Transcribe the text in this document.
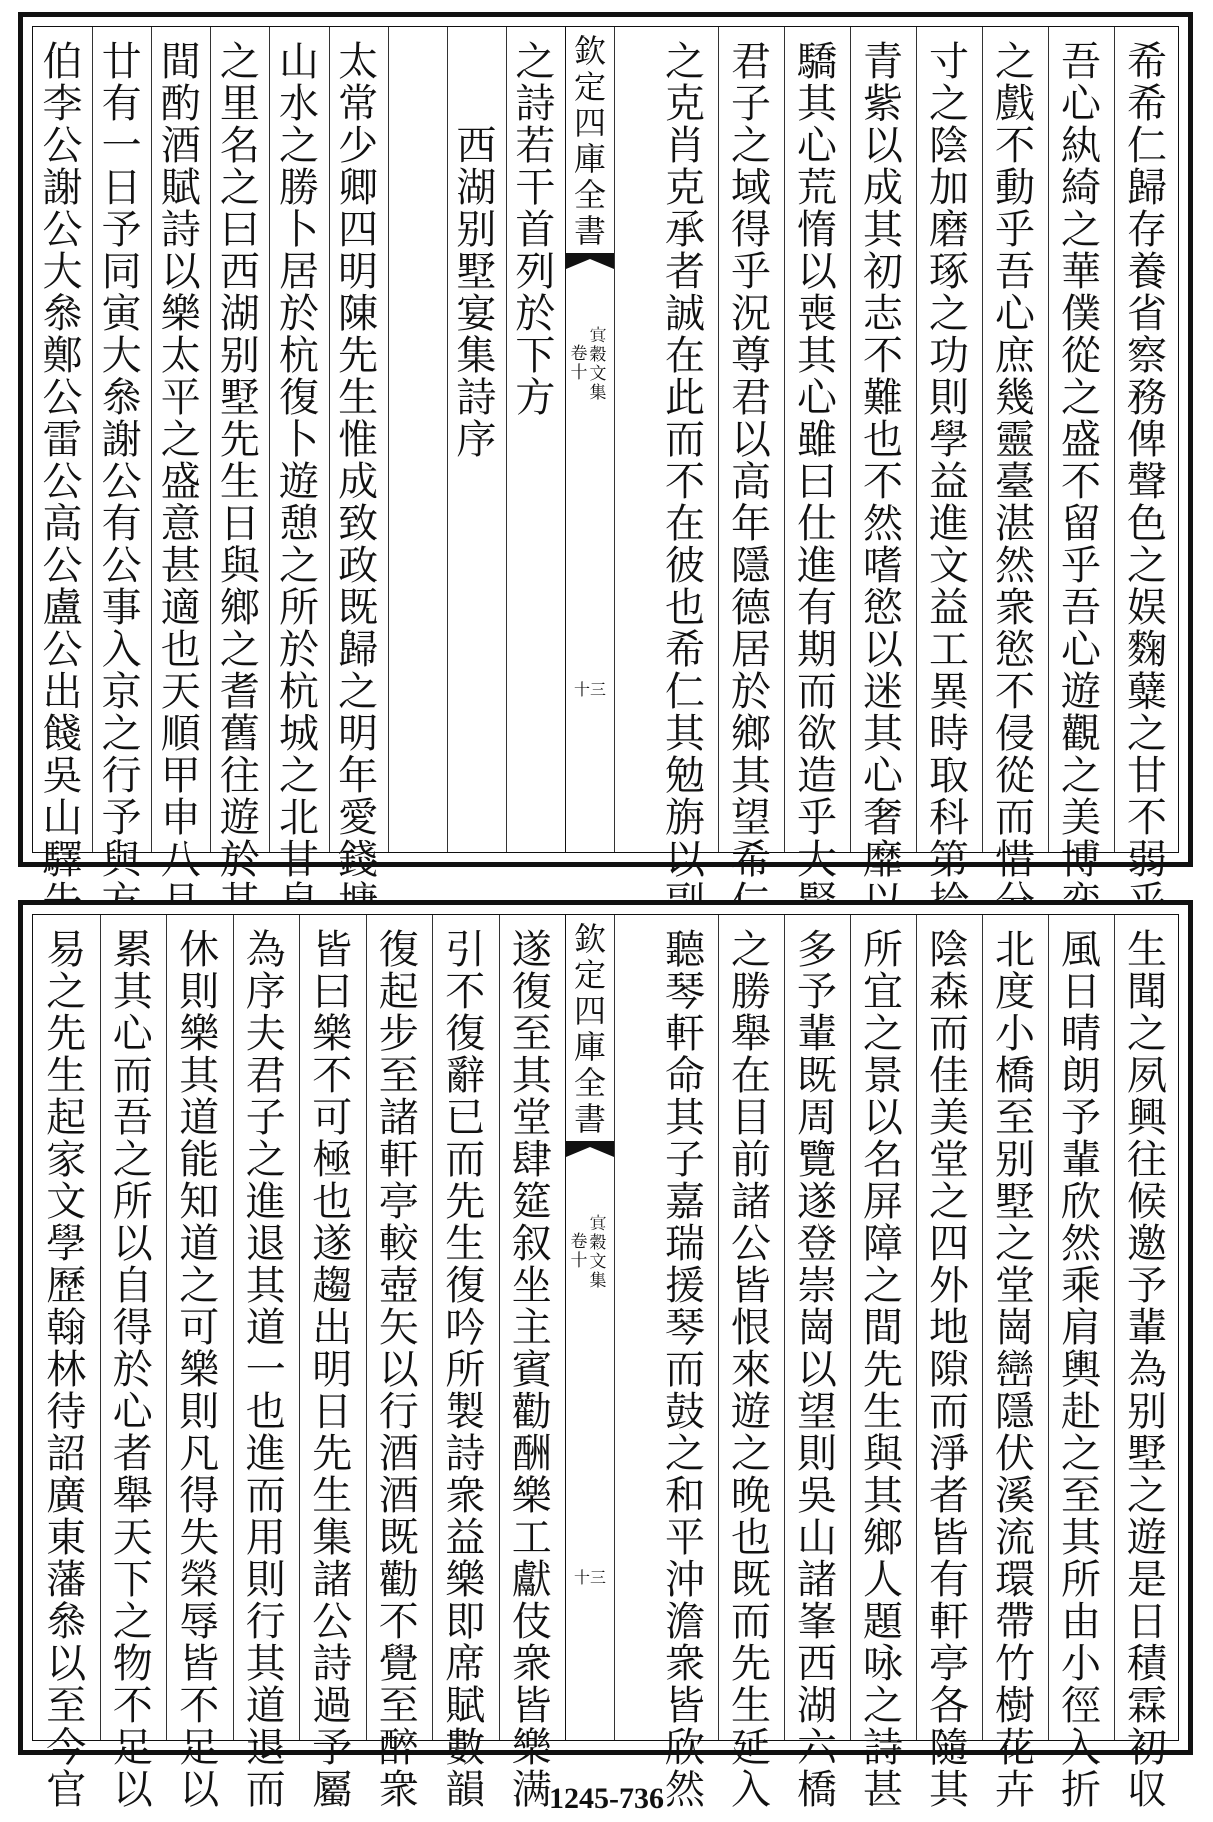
欽
定
四
庫
全
書
𡨋
穀
文
集
卷
十
十三
希
希
仁
歸
存
養
省
察
務
俾
聲
色
之
娱
麴
糵
之
甘
不
弱
吾
心
紈
綺
之
華
僕
從
之
盛
不
留
乎
吾
心
遊
觀
之
美
博
之
戲
不
動
乎
吾
心
庶
幾
靈
臺
湛
然
衆
慾
不
侵
從
而
惜
寸
之
陰
加
磨
琢
之
功
則
學
益
進
文
益
工
異
時
取
科
第
青
紫
以
成
其
初
志
不
難
也
不
然
嗜
慾
以
迷
其
心
奢
靡
驕
其
心
荒
惰
以
喪
其
心
雖
曰
仕
進
有
期
而
欲
造
乎
大
君
子
之
域
得
乎
況
尊
君
以
高
年
隱
德
居
於
鄉
其
望
希
之
克
肖
克
承
者
誠
在
此
而
不
在
彼
也
希
仁
其
勉
旃
以
之
詩
若
干
首
列
於
下
方
西
湖
别
墅
宴
集
詩
序
太
常
少
卿
四
明
陳
先
生
惟
成
致
政
既
歸
之
明
年
愛
錢
山
水
之
勝
卜
居
於
杭
復
卜
遊
憩
之
所
於
杭
城
之
北
甘
之
里
名
之
曰
西
湖
别
墅
先
生
日
與
鄉
之
耆
舊
往
遊
於
間
酌
酒
賦
詩
以
樂
太
平
之
盛
意
甚
適
也
天
順
甲
申
八
廿
有
一
日
予
同
寅
大
叅
謝
公
有
公
事
入
京
之
行
予
與
伯
李
公
謝
公
大
叅
鄭
公
雷
公
高
公
盧
公
出
餞
吳
山
驛
欽
定
四
庫
全
書
𡨋
穀
文
集
卷
十
十三
生
聞
之
夙
興
往
候
邀
予
輩
為
别
墅
之
遊
是
日
積
霖
初
収
風
日
晴
朗
予
輩
欣
然
乘
肩
輿
赴
之
至
其
所
由
小
徑
入
折
北
度
小
橋
至
别
墅
之
堂
崗
巒
隱
伏
溪
流
環
帶
竹
樹
花
卉
陰
森
而
佳
美
堂
之
四
外
地
隙
而
淨
者
皆
有
軒
亭
各
隨
其
所
宜
之
景
以
名
屏
障
之
間
先
生
與
其
鄉
人
題
咏
之
詩
甚
多
予
輩
既
周
覽
遂
登
崇
崗
以
望
則
吳
山
諸
峯
西
湖
六
橋
之
勝
舉
在
目
前
諸
公
皆
恨
來
遊
之
晚
也
既
而
先
生
延
入
聽
琴
軒
命
其
子
嘉
瑞
援
琴
而
鼓
之
和
平
沖
澹
衆
皆
欣
然
遂
復
至
其
堂
肆
筵
叙
坐
主
賓
勸
酬
樂
工
獻
伎
衆
皆
樂
满
引
不
復
辭
已
而
先
生
復
吟
所
製
詩
衆
益
樂
即
席
賦
數
韻
復
起
步
至
諸
軒
亭
較
壺
矢
以
行
酒
酒
既
勸
不
覺
至
醉
衆
皆
曰
樂
不
可
極
也
遂
趨
出
明
日
先
生
集
諸
公
詩
過
予
屬
為
序
夫
君
子
之
進
退
其
道
一
也
進
而
用
則
行
其
道
退
而
休
則
樂
其
道
能
知
道
之
可
樂
則
凡
得
失
榮
辱
皆
不
足
以
累
其
心
而
吾
之
所
以
自
得
於
心
者
舉
天
下
之
物
不
足
以
易
之
先
生
起
家
文
學
歷
翰
林
待
詔
廣
東
藩
叅
以
至
今
官	1245-736
